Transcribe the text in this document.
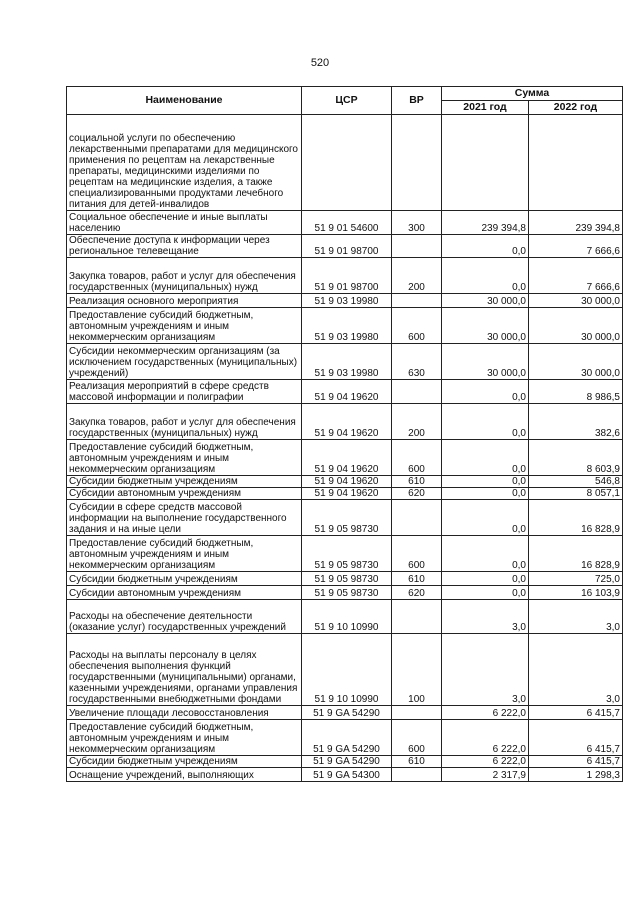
520
Наименование	ЦСР	ВР	Сумма	
			2021 год	2022 год
социальной услуги по обеспечению лекарственными препаратами для медицинского применения по рецептам на лекарственные препараты, медицинскими изделиями по рецептам на медицинские изделия, а также специализированными продуктами лечебного питания для детей-инвалидов				
Социальное обеспечение и иные выплаты населению	51 9 01 54600	300	239 394,8	239 394,8
Обеспечение доступа к информации через региональное телевещание	51 9 01 98700		0,0	7 666,6
Закупка товаров, работ и услуг для обеспечения государственных (муниципальных) нужд	51 9 01 98700	200	0,0	7 666,6
Реализация основного мероприятия	51 9 03 19980		30 000,0	30 000,0
Предоставление субсидий бюджетным, автономным учреждениям и иным некоммерческим организациям	51 9 03 19980	600	30 000,0	30 000,0
Субсидии некоммерческим организациям (за исключением государственных (муниципальных) учреждений)	51 9 03 19980	630	30 000,0	30 000,0
Реализация мероприятий в сфере средств массовой информации и полиграфии	51 9 04 19620		0,0	8 986,5
Закупка товаров, работ и услуг для обеспечения государственных (муниципальных) нужд	51 9 04 19620	200	0,0	382,6
Предоставление субсидий бюджетным, автономным учреждениям и иным некоммерческим организациям	51 9 04 19620	600	0,0	8 603,9
Субсидии бюджетным учреждениям	51 9 04 19620	610	0,0	546,8
Субсидии автономным учреждениям	51 9 04 19620	620	0,0	8 057,1
Субсидии в сфере средств массовой информации на выполнение государственного задания и на иные цели	51 9 05 98730		0,0	16 828,9
Предоставление субсидий бюджетным, автономным учреждениям и иным некоммерческим организациям	51 9 05 98730	600	0,0	16 828,9
Субсидии бюджетным учреждениям	51 9 05 98730	610	0,0	725,0
Субсидии автономным учреждениям	51 9 05 98730	620	0,0	16 103,9
Расходы на обеспечение деятельности (оказание услуг) государственных учреждений	51 9 10 10990		3,0	3,0
Расходы на выплаты персоналу в целях обеспечения выполнения функций государственными (муниципальными) органами, казенными учреждениями, органами управления государственными внебюджетными фондами	51 9 10 10990	100	3,0	3,0
Увеличение площади лесовосстановления	51 9 GA 54290		6 222,0	6 415,7
Предоставление субсидий бюджетным, автономным учреждениям и иным некоммерческим организациям	51 9 GA 54290	600	6 222,0	6 415,7
Субсидии бюджетным учреждениям	51 9 GA 54290	610	6 222,0	6 415,7
Оснащение учреждений, выполняющих	51 9 GA 54300		2 317,9	1 298,3
